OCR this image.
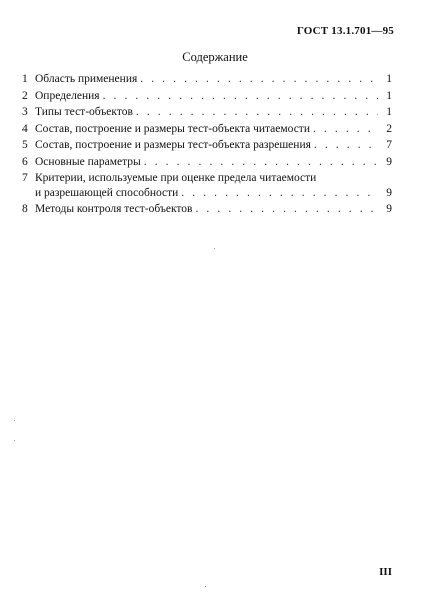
ГОСТ 13.1.701—95
Содержание
1 Область применения . . .	1
2 Определения . . .	1
3 Типы тест-объектов . . .	1
4 Состав, построение и размеры тест-объекта читаемости . . .	2
5 Состав, построение и размеры тест-объекта разрешения . . .	7
6 Основные параметры . . .	9
7 Критерии, используемые при оценке предела читаемости
и разрешающей способности . . .	9
8 Методы контроля тест-объектов . . .	9
III
